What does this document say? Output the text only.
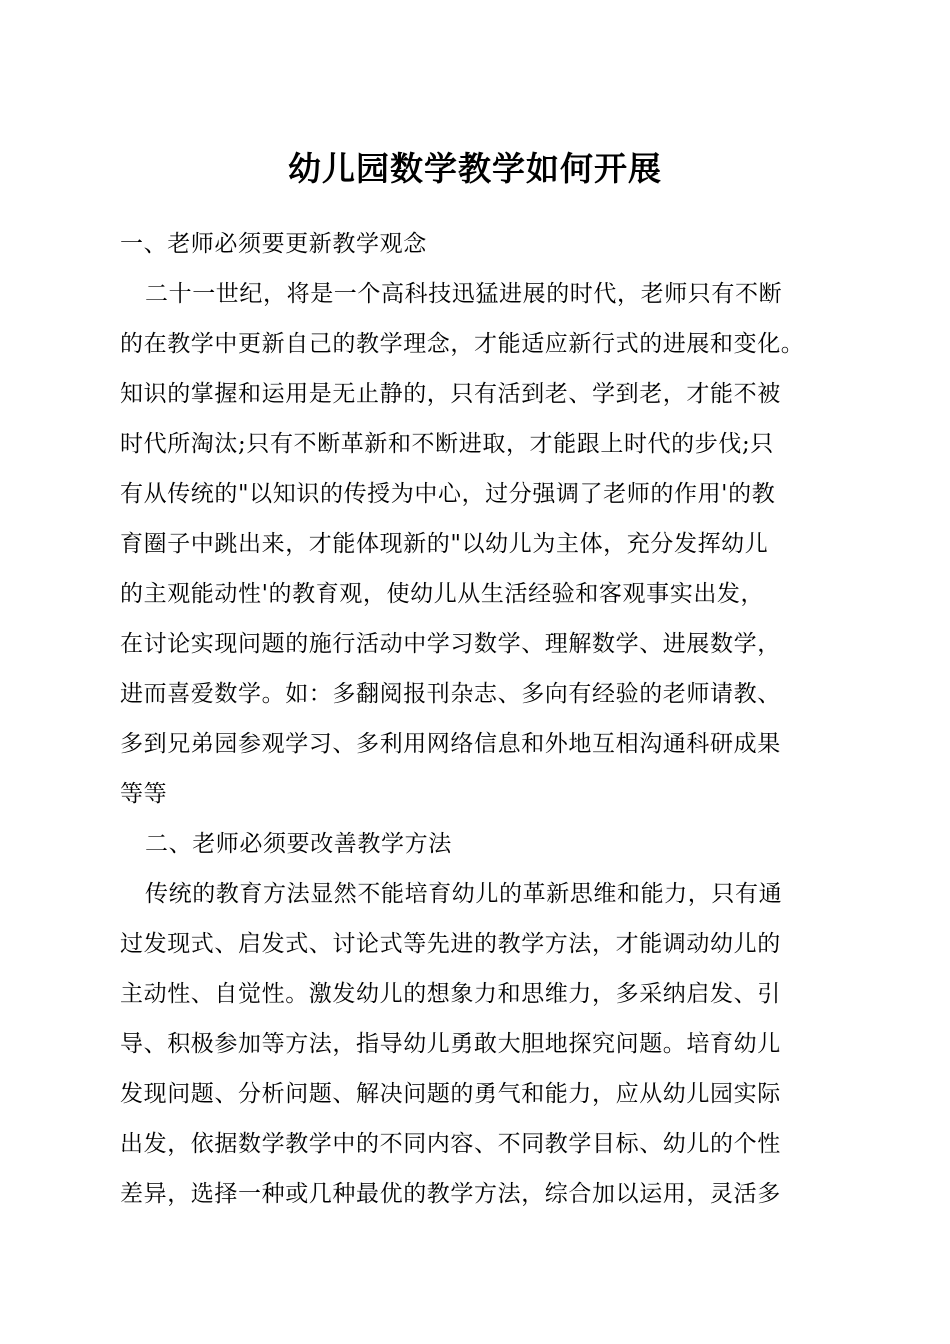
幼儿园数学教学如何开展
一、老师必须要更新教学观念
二十一世纪，将是一个高科技迅猛进展的时代，老师只有不断
的在教学中更新自己的教学理念，才能适应新行式的进展和变化。
知识的掌握和运用是无止静的，只有活到老、学到老，才能不被
时代所淘汰;只有不断革新和不断进取，才能跟上时代的步伐;只
有从传统的"以知识的传授为中心，过分强调了老师的作用'的教
育圈子中跳出来，才能体现新的"以幼儿为主体，充分发挥幼儿
的主观能动性'的教育观，使幼儿从生活经验和客观事实出发，
在讨论实现问题的施行活动中学习数学、理解数学、进展数学，
进而喜爱数学。如：多翻阅报刊杂志、多向有经验的老师请教、
多到兄弟园参观学习、多利用网络信息和外地互相沟通科研成果
等等
二、老师必须要改善教学方法
传统的教育方法显然不能培育幼儿的革新思维和能力，只有通
过发现式、启发式、讨论式等先进的教学方法，才能调动幼儿的
主动性、自觉性。激发幼儿的想象力和思维力，多采纳启发、引
导、积极参加等方法，指导幼儿勇敢大胆地探究问题。培育幼儿
发现问题、分析问题、解决问题的勇气和能力，应从幼儿园实际
出发，依据数学教学中的不同内容、不同教学目标、幼儿的个性
差异，选择一种或几种最优的教学方法，综合加以运用，灵活多
